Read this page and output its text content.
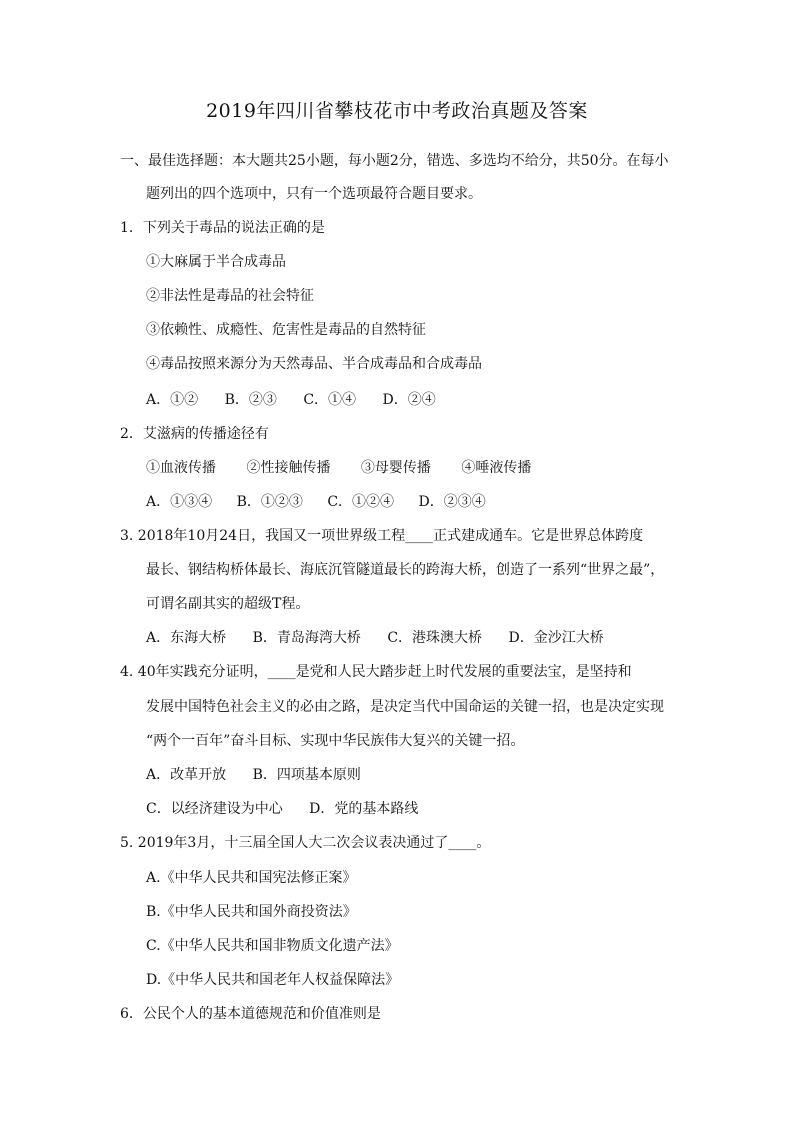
2019年四川省攀枝花市中考政治真题及答案
一、最佳选择题：本大题共25小题，每小题2分，错选、多选均不给分，共50分。在每小
题列出的四个选项中，只有一个选项最符合题目要求。
1．下列关于毒品的说法正确的是
①大麻属于半合成毒品
②非法性是毒品的社会特征
③依赖性、成瘾性、危害性是毒品的自然特征
④毒品按照来源分为天然毒品、半合成毒品和合成毒品
A．①② B．②③ C．①④ D．②④
2．艾滋病的传播途径有
①血液传播 ②性接触传播 ③母婴传播 ④唾液传播
A．①③④ B．①②③ C．①②④ D．②③④
3. 2018年10月24日，我国又一项世界级工程____正式建成通车。它是世界总体跨度
最长、钢结构桥体最长、海底沉管隧道最长的跨海大桥，创造了一系列“世界之最”，
可谓名副其实的超级T程。
A．东海大桥 B．青岛海湾大桥 C．港珠澳大桥 D．金沙江大桥
4. 40年实践充分证明，____是党和人民大踏步赶上时代发展的重要法宝，是坚持和
发展中国特色社会主义的必由之路，是决定当代中国命运的关键一招，也是决定实现
“两个一百年”奋斗目标、实现中华民族伟大复兴的关键一招。
A．改革开放 B．四项基本原则
C．以经济建设为中心 D．党的基本路线
5. 2019年3月，十三届全国人大二次会议表决通过了____。
A.《中华人民共和国宪法修正案》
B.《中华人民共和国外商投资法》
C.《中华人民共和国非物质文化遗产法》
D.《中华人民共和国老年人权益保障法》
6．公民个人的基本道德规范和价值准则是
